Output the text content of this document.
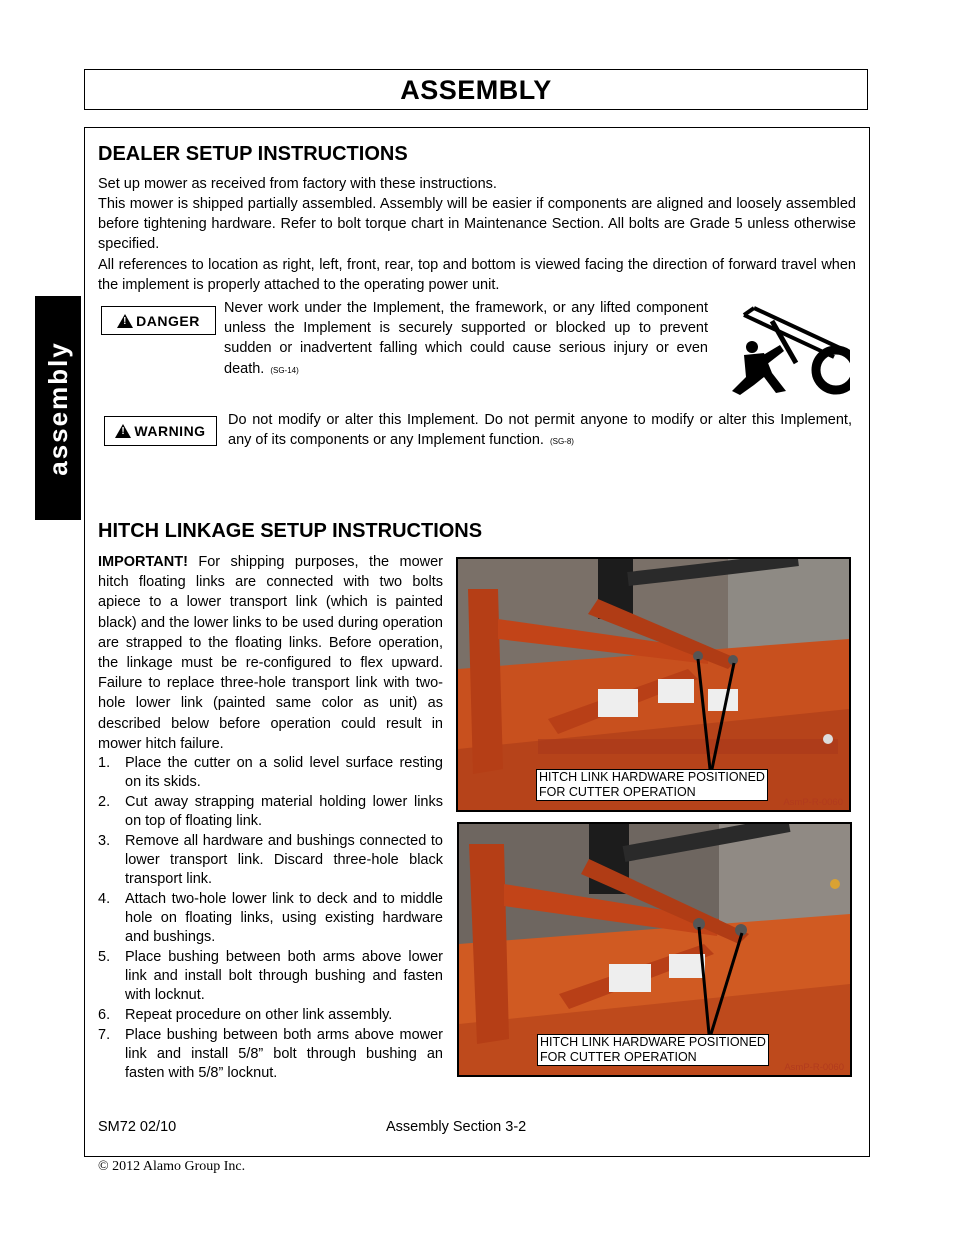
ASSEMBLY
assembly
DEALER SETUP INSTRUCTIONS

Set up mower as received from factory with these instructions.

This mower is shipped partially assembled. Assembly will be easier if components are aligned and loosely assembled before tightening hardware. Refer to bolt torque chart in Maintenance Section. All bolts are Grade 5 unless otherwise specified.

All references to location as right, left, front, rear, top and bottom is viewed facing the direction of forward travel when the implement is properly attached to the operating power unit.

!
DANGER

Never work under the Implement, the framework, or any lifted component unless the Implement is securely supported or blocked up to prevent sudden or inadvertent falling which could cause serious injury or even death. (SG-14)

!
WARNING

Do not modify or alter this Implement. Do not permit anyone to modify or alter this Implement, any of its components or any Implement function. (SG-8)

HITCH LINKAGE SETUP INSTRUCTIONS

IMPORTANT! For shipping purposes, the mower hitch floating links are connected with two bolts apiece to a lower transport link (which is painted black) and the lower links to be used during operation are strapped to the floating links. Before operation, the linkage must be re-configured to flex upward. Failure to replace three-hole transport link with two-hole lower link (painted same color as unit) as described below before operation could result in mower hitch failure.

1. Place the cutter on a solid level surface resting on its skids.
2. Cut away strapping material holding lower links on top of floating link.
3. Remove all hardware and bushings connected to lower transport link. Discard three-hole black transport link.
4. Attach two-hole lower link to deck and to middle hole on floating links, using existing hardware and bushings.
5. Place bushing between both arms above lower link and install bolt through bushing and fasten with locknut.
6. Repeat procedure on other link assembly.
7. Place bushing between both arms above mower link and install 5/8” bolt through bushing an fasten with 5/8” locknut.
HITCH LINK HARDWARE POSITIONED
FOR CUTTER OPERATION
AsmP-R-0060
HITCH LINK HARDWARE POSITIONED
FOR CUTTER OPERATION
AsmP-R-0060
SM72 02/10	Assembly Section 3-2
© 2012 Alamo Group Inc.
